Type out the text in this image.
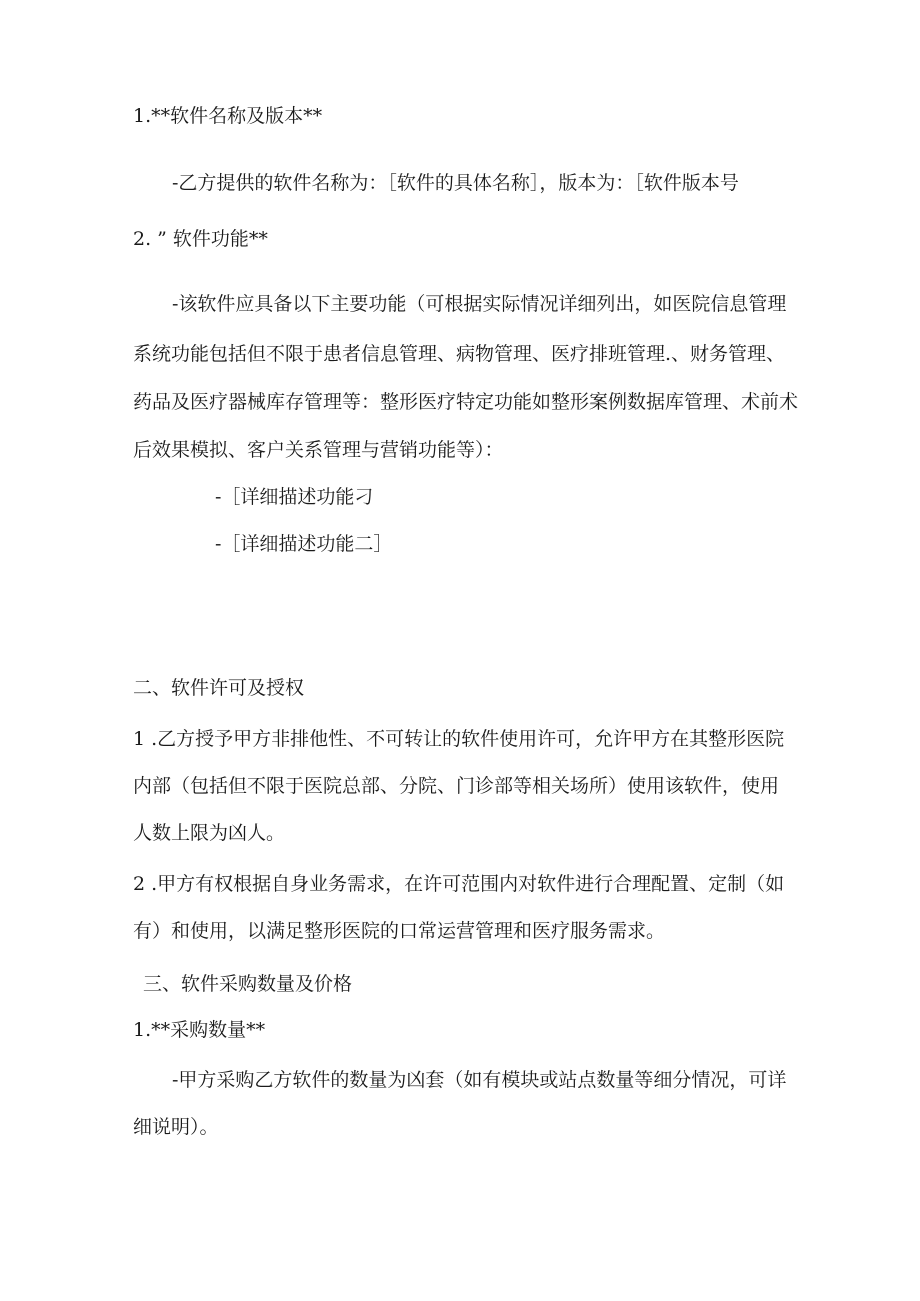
1.**软件名称及版本**

-乙方提供的软件名称为：［软件的具体名称］，版本为：［软件版本号

2. ” 软件功能**

-该软件应具备以下主要功能（可根据实际情况详细列出，如医院信息管理

系统功能包括但不限于患者信息管理、病物管理、医疗排班管理.、财务管理、

药品及医疗器械库存管理等：整形医疗特定功能如整形案例数据库管理、术前术

后效果模拟、客户关系管理与营销功能等）：

-［详细描述功能刁

-［详细描述功能二］

二、软件许可及授权

1 .乙方授予甲方非排他性、不可转让的软件使用许可，允许甲方在其整形医院

内部（包括但不限于医院总部、分院、门诊部等相关场所）使用该软件，使用

人数上限为凶人。

2 .甲方有权根据自身业务需求，在许可范围内对软件进行合理配置、定制（如

有）和使用，以满足整形医院的口常运营管理和医疗服务需求。

三、软件采购数量及价格

1.**采购数量**

-甲方采购乙方软件的数量为凶套（如有模块或站点数量等细分情况，可详

细说明）。
